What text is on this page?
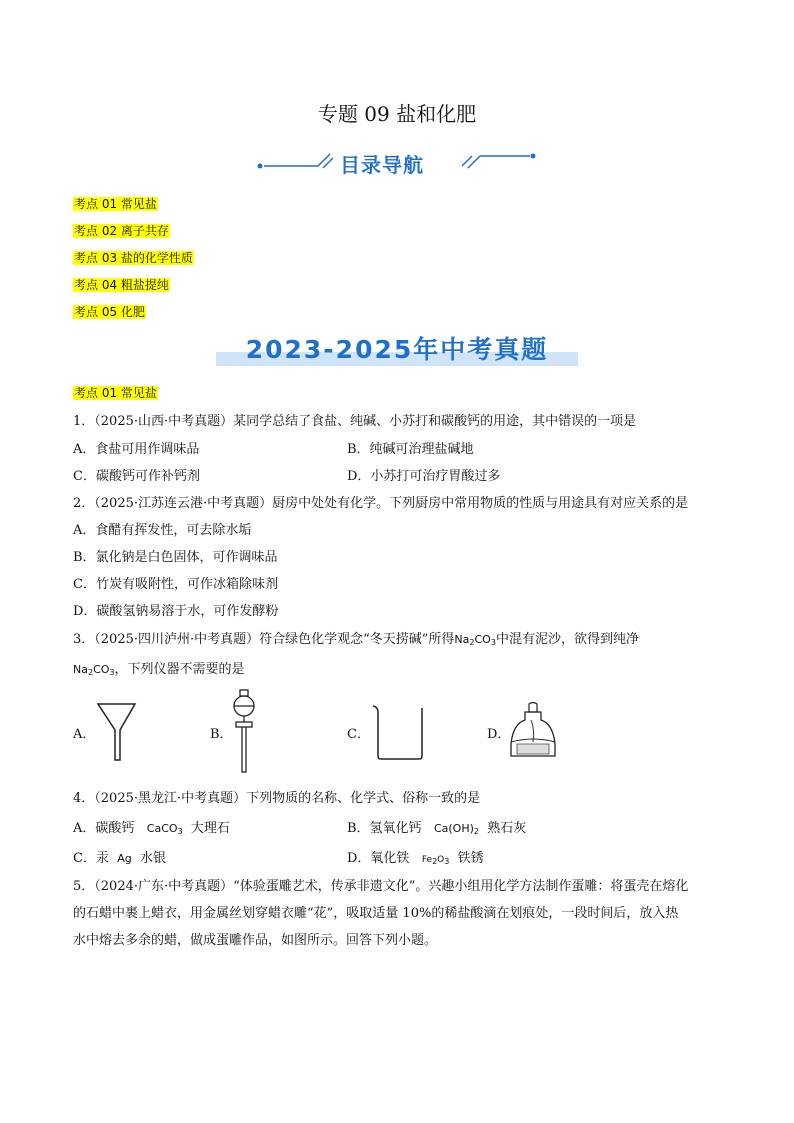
专题 09 盐和化肥
目录导航
考点 01 常见盐
考点 02 离子共存
考点 03 盐的化学性质
考点 04 粗盐提纯
考点 05 化肥
2023-2025年中考真题
考点 01 常见盐
1．（2025·山西·中考真题）某同学总结了食盐、纯碱、小苏打和碳酸钙的用途，其中错误的一项是
A．食盐可用作调味品	B．纯碱可治理盐碱地
C．碳酸钙可作补钙剂	D．小苏打可治疗胃酸过多
2．（2025·江苏连云港·中考真题）厨房中处处有化学。下列厨房中常用物质的性质与用途具有对应关系的是
A．食醋有挥发性，可去除水垢
B．氯化钠是白色固体，可作调味品
C．竹炭有吸附性，可作冰箱除味剂
D．碳酸氢钠易溶于水，可作发酵粉
3．（2025·四川泸州·中考真题）符合绿色化学观念“冬天捞碱”所得$Na_2CO_3$中混有泥沙，欲得到纯净
$Na_2CO_3$，下列仪器不需要的是
A．	B．	C．	D．
4．（2025·黑龙江·中考真题）下列物质的名称、化学式、俗称一致的是
A．碳酸钙 CaCO$_3$ 大理石	B．氢氧化钙 $Ca(OH)_2$ 熟石灰
C．汞 Ag 水银	D．氧化铁 Fe2O3 铁锈
5．（2024·广东·中考真题）“体验蛋雕艺术，传承非遗文化”。兴趣小组用化学方法制作蛋雕：将蛋壳在熔化
的石蜡中裹上蜡衣，用金属丝划穿蜡衣雕“花”，吸取适量 10%的稀盐酸滴在划痕处，一段时间后，放入热
水中熔去多余的蜡，做成蛋雕作品，如图所示。回答下列小题。
